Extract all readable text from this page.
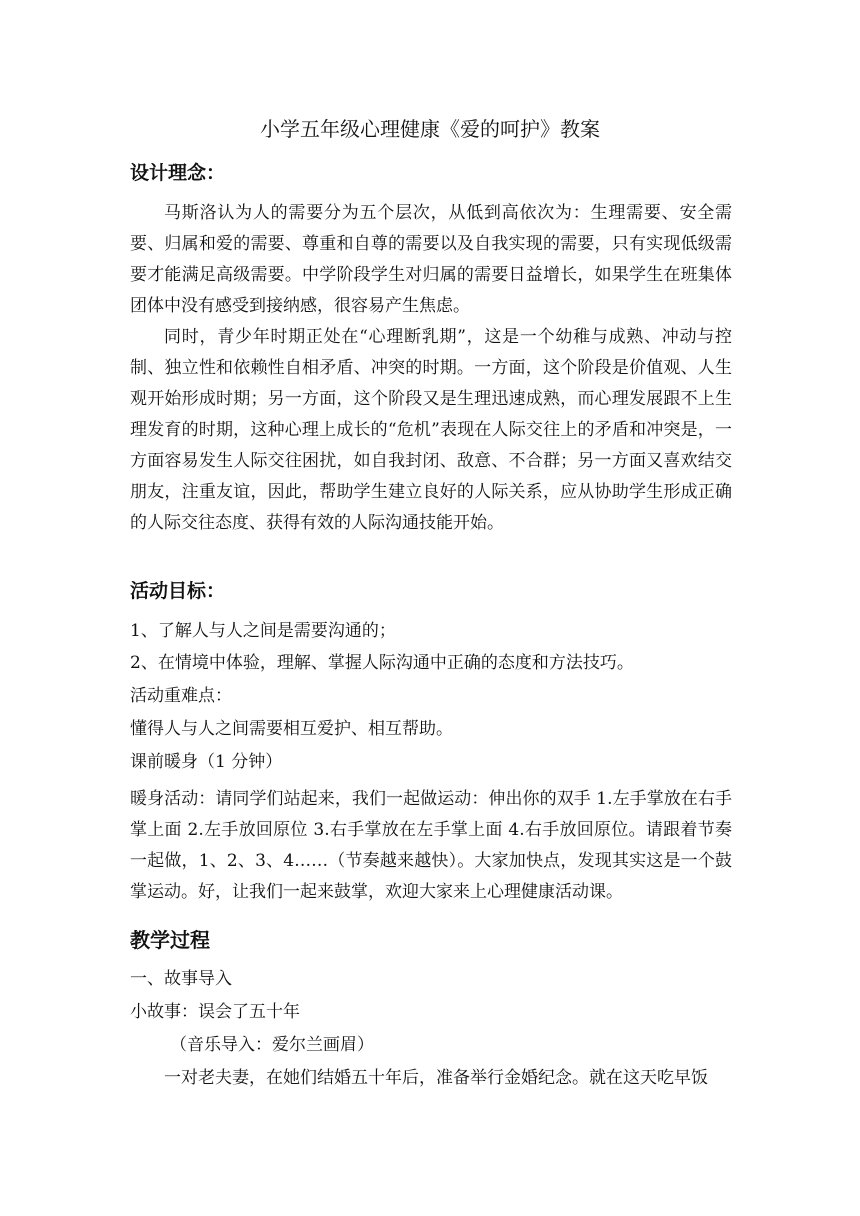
小学五年级心理健康《爱的呵护》教案
设计理念：
马斯洛认为人的需要分为五个层次，从低到高依次为：生理需要、安全需要、归属和爱的需要、尊重和自尊的需要以及自我实现的需要，只有实现低级需要才能满足高级需要。中学阶段学生对归属的需要日益增长，如果学生在班集体团体中没有感受到接纳感，很容易产生焦虑。
同时，青少年时期正处在“心理断乳期”，这是一个幼稚与成熟、冲动与控制、独立性和依赖性自相矛盾、冲突的时期。一方面，这个阶段是价值观、人生观开始形成时期；另一方面，这个阶段又是生理迅速成熟，而心理发展跟不上生理发育的时期，这种心理上成长的“危机”表现在人际交往上的矛盾和冲突是，一方面容易发生人际交往困扰，如自我封闭、敌意、不合群；另一方面又喜欢结交朋友，注重友谊，因此，帮助学生建立良好的人际关系，应从协助学生形成正确的人际交往态度、获得有效的人际沟通技能开始。
活动目标：
1、了解人与人之间是需要沟通的；
2、在情境中体验，理解、掌握人际沟通中正确的态度和方法技巧。
活动重难点：
懂得人与人之间需要相互爱护、相互帮助。
课前暖身（1 分钟）
暖身活动：请同学们站起来，我们一起做运动：伸出你的双手 1.左手掌放在右手掌上面 2.左手放回原位 3.右手掌放在左手掌上面 4.右手放回原位。请跟着节奏一起做，1、2、3、4……（节奏越来越快）。大家加快点，发现其实这是一个鼓掌运动。好，让我们一起来鼓掌，欢迎大家来上心理健康活动课。
教学过程
一、故事导入
小故事：误会了五十年
（音乐导入：爱尔兰画眉）
一对老夫妻，在她们结婚五十年后，准备举行金婚纪念。就在这天吃早饭
